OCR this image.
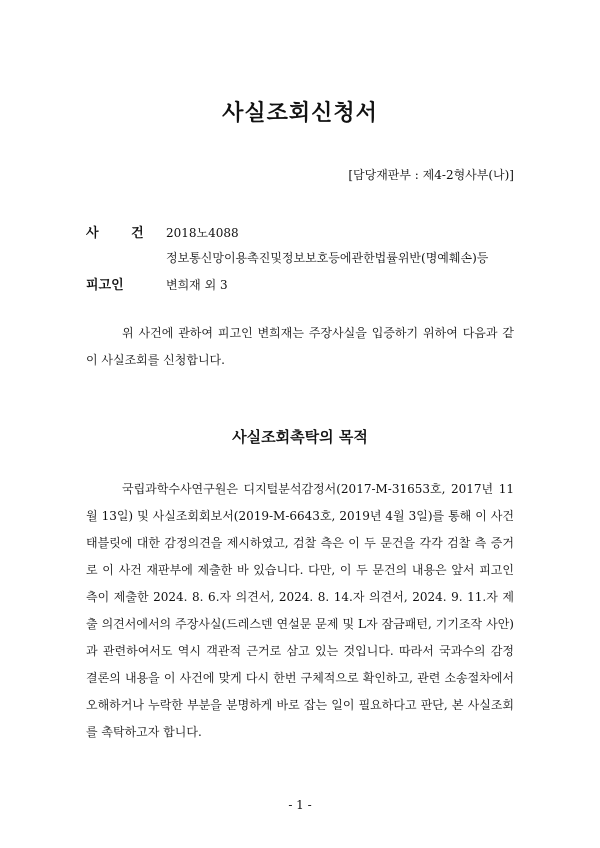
사실조회신청서
[담당재판부 : 제4-2형사부(나)]
사 건 2018노4088
정보통신망이용촉진및정보보호등에관한법률위반(명예훼손)등
피고인	변희재 외 3

위 사건에 관하여 피고인 변희재는 주장사실을 입증하기 위하여 다음과 같이 사실조회를 신청합니다.

사실조회촉탁의 목적

국립과학수사연구원은 디지털분석감정서(2017-M-31653호, 2017년 11월 13일) 및 사실조회회보서(2019-M-6643호, 2019년 4월 3일)를 통해 이 사건 태블릿에 대한 감정의견을 제시하였고, 검찰 측은 이 두 문건을 각각 검찰 측 증거로 이 사건 재판부에 제출한 바 있습니다. 다만, 이 두 문건의 내용은 앞서 피고인 측이 제출한 2024. 8. 6.자 의견서, 2024. 8. 14.자 의견서, 2024. 9. 11.자 제출 의견서에서의 주장사실(드레스덴 연설문 문제 및 L자 잠금패턴, 기기조작 사안)과 관련하여서도 역시 객관적 근거로 삼고 있는 것입니다. 따라서 국과수의 감정 결론의 내용을 이 사건에 맞게 다시 한번 구체적으로 확인하고, 관련 소송절차에서 오해하거나 누락한 부분을 분명하게 바로 잡는 일이 필요하다고 판단, 본 사실조회를 촉탁하고자 합니다.

- 1 -
